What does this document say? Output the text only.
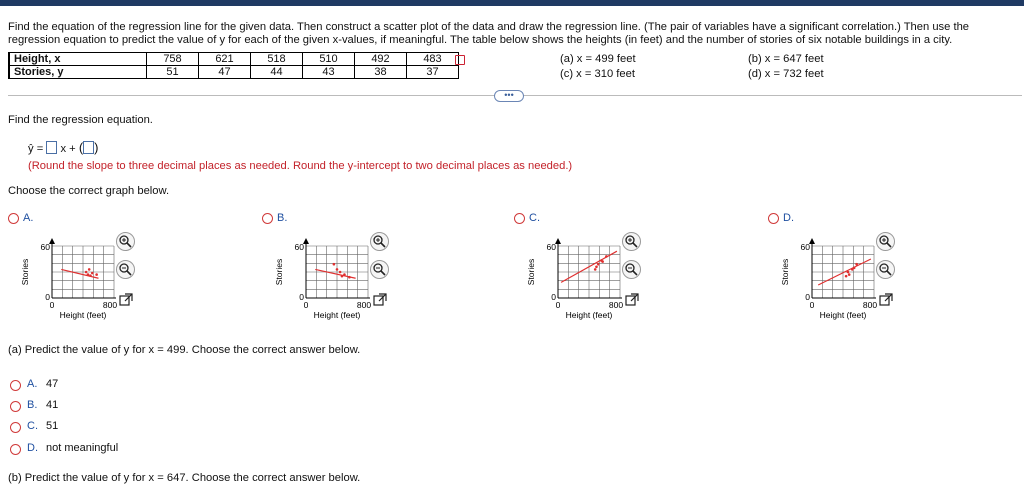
Find the equation of the regression line for the given data. Then construct a scatter plot of the data and draw the regression line. (The pair of variables have a significant correlation.) Then use the
regression equation to predict the value of y for each of the given x-values, if meaningful. The table below shows the heights (in feet) and the number of stories of six notable buildings in a city.
Height, x	758	621	518	510	492	483
Stories, y	51	47	44	43	38	37
(a) x = 499 feet
(c) x = 310 feet
(b) x = 647 feet
(d) x = 732 feet
•••
Find the regression equation.
ŷ = x + ( )
(Round the slope to three decimal places as needed. Round the y-intercept to two decimal places as needed.)
Choose the correct graph below.
A.
60
0
0	800
Height (feet)
Stories
B.
60
0
0	800
Height (feet)
Stories
C.
60
0
0	800
Height (feet)
Stories
D.
60
0
0	800
Height (feet)
Stories
(a) Predict the value of y for x = 499. Choose the correct answer below.
A. 47
B. 41
C. 51
D. not meaningful
(b) Predict the value of y for x = 647. Choose the correct answer below.
